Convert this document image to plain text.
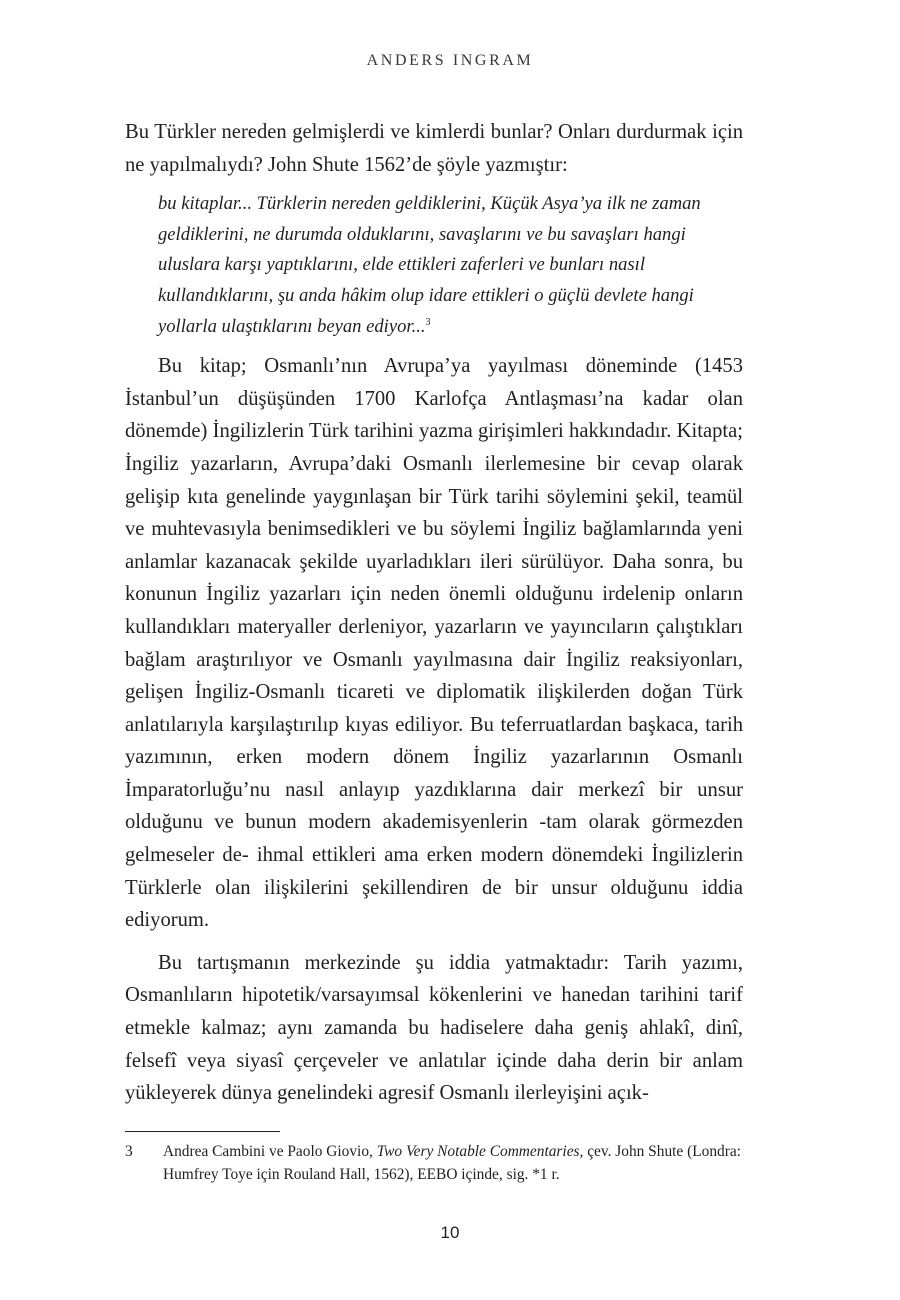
ANDERS INGRAM

Bu Türkler nereden gelmişlerdi ve kimlerdi bunlar? Onları durdurmak için ne yapılmalıydı? John Shute 1562’de şöyle yazmıştır:

bu kitaplar... Türklerin nereden geldiklerini, Küçük Asya’ya ilk ne zaman geldiklerini, ne durumda olduklarını, savaşlarını ve bu savaşları hangi uluslara karşı yaptıklarını, elde ettikleri zaferleri ve bunları nasıl kullandıklarını, şu anda hâkim olup idare ettikleri o güçlü devlete hangi yollarla ulaştıklarını beyan ediyor...$^3$

Bu kitap; Osmanlı’nın Avrupa’ya yayılması döneminde (1453 İstanbul’un düşüşünden 1700 Karlofça Antlaşması’na kadar olan dönemde) İngilizlerin Türk tarihini yazma girişimleri hakkındadır. Kitapta; İngiliz yazarların, Avrupa’daki Osmanlı ilerlemesine bir cevap olarak gelişip kıta genelinde yaygınlaşan bir Türk tarihi söylemini şekil, teamül ve muhtevasıyla benimsedikleri ve bu söylemi İngiliz bağlamlarında yeni anlamlar kazanacak şekilde uyarladıkları ileri sürülüyor. Daha sonra, bu konunun İngiliz yazarları için neden önemli olduğunu irdelenip onların kullandıkları materyaller derleniyor, yazarların ve yayıncıların çalıştıkları bağlam araştırılıyor ve Osmanlı yayılmasına dair İngiliz reaksiyonları, gelişen İngiliz-Osmanlı ticareti ve diplomatik ilişkilerden doğan Türk anlatılarıyla karşılaştırılıp kıyas ediliyor. Bu teferruatlardan başkaca, tarih yazımının, erken modern dönem İngiliz yazarlarının Osmanlı İmparatorluğu’nu nasıl anlayıp yazdıklarına dair merkezî bir unsur olduğunu ve bunun modern akademisyenlerin -tam olarak görmezden gelmeseler de- ihmal ettikleri ama erken modern dönemdeki İngilizlerin Türklerle olan ilişkilerini şekillendiren de bir unsur olduğunu iddia ediyorum.

Bu tartışmanın merkezinde şu iddia yatmaktadır: Tarih yazımı, Osmanlıların hipotetik/varsayımsal kökenlerini ve hanedan tarihini tarif etmekle kalmaz; aynı zamanda bu hadiselere daha geniş ahlakî, dinî, felsefî veya siyasî çerçeveler ve anlatılar içinde daha derin bir anlam yükleyerek dünya genelindeki agresif Osmanlı ilerleyişini açık-

3	Andrea Cambini ve Paolo Giovio, Two Very Notable Commentaries, çev. John Shute (Londra: Humfrey Toye için Rouland Hall, 1562), EEBO içinde, sig. *1 r.
10
